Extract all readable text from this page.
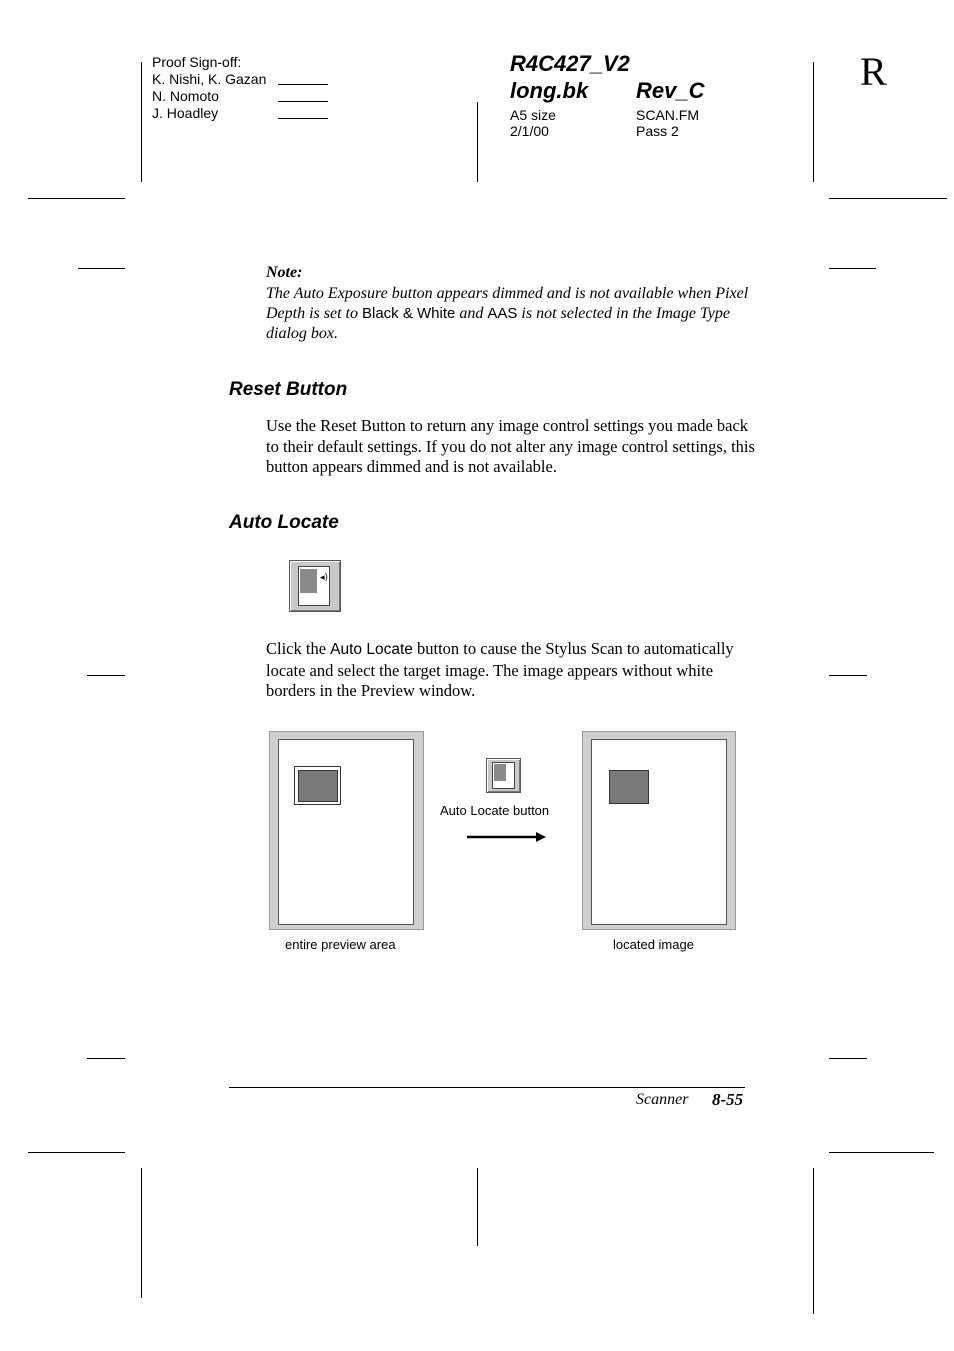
Proof Sign-off:
K. Nishi, K. Gazan
N. Nomoto
J. Hoadley
R4C427_V2
long.bk Rev_C
A5 size
2/1/00
SCAN.FM
Pass 2
R
Note:
The Auto Exposure button appears dimmed and is not available when Pixel Depth is set to Black & White and AAS is not selected in the Image Type dialog box.
Reset Button
Use the Reset Button to return any image control settings you made back to their default settings. If you do not alter any image control settings, this button appears dimmed and is not available.
Auto Locate
◂)
Click the Auto Locate button to cause the Stylus Scan to automatically locate and select the target image. The image appears without white borders in the Preview window.
Auto Locate button
entire preview area	located image
Scanner 8-55
